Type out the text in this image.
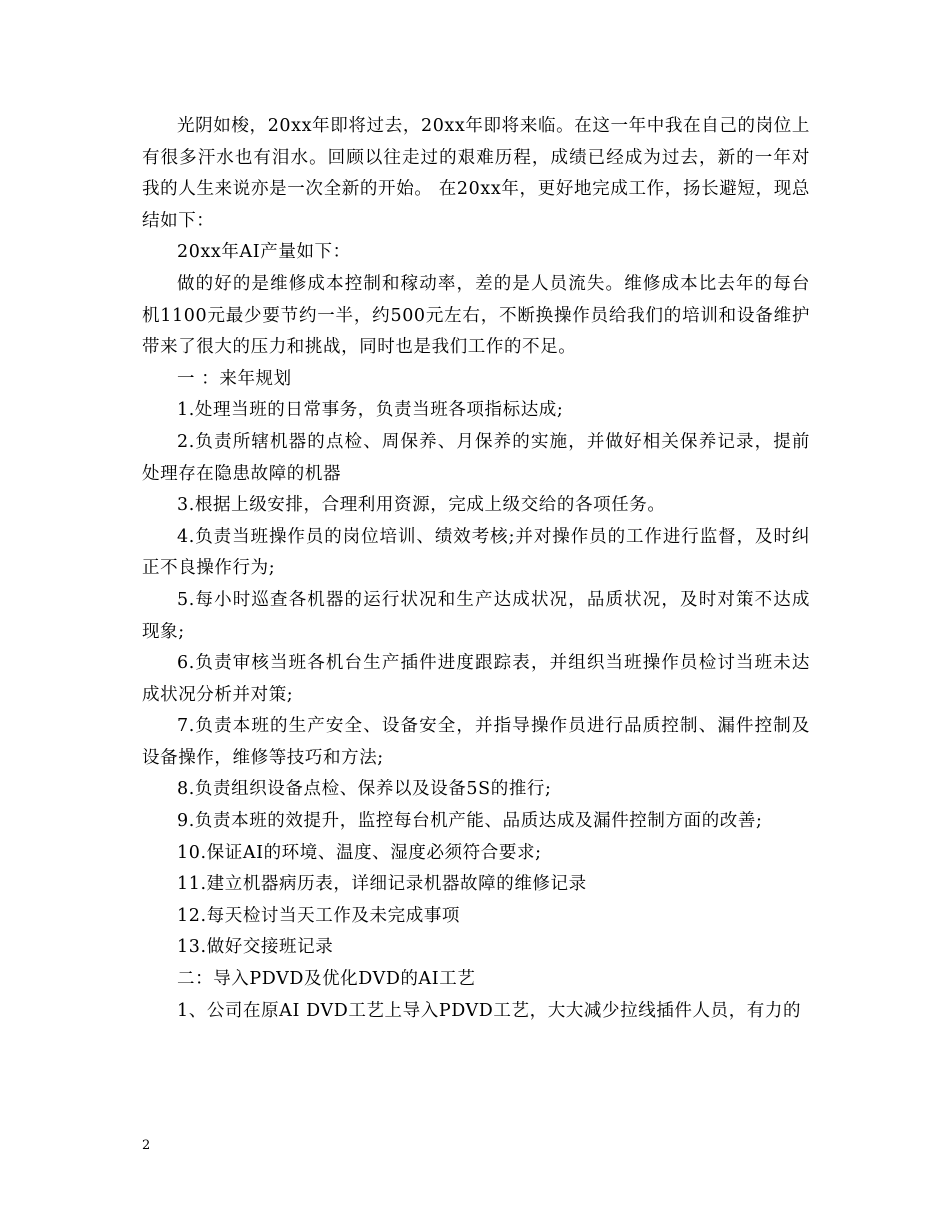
光阴如梭，20xx年即将过去，20xx年即将来临。在这一年中我在自己的岗位上有很多汗水也有泪水。回顾以往走过的艰难历程，成绩已经成为过去，新的一年对我的人生来说亦是一次全新的开始。 在20xx年，更好地完成工作，扬长避短，现总结如下：

20xx年AI产量如下：

做的好的是维修成本控制和稼动率，差的是人员流失。维修成本比去年的每台机1100元最少要节约一半，约500元左右，不断换操作员给我们的培训和设备维护带来了很大的压力和挑战，同时也是我们工作的不足。

一 ：来年规划

1.处理当班的日常事务，负责当班各项指标达成;

2.负责所辖机器的点检、周保养、月保养的实施，并做好相关保养记录，提前处理存在隐患故障的机器

3.根据上级安排，合理利用资源，完成上级交给的各项任务。

4.负责当班操作员的岗位培训、绩效考核;并对操作员的工作进行监督，及时纠正不良操作行为;

5.每小时巡查各机器的运行状况和生产达成状况，品质状况，及时对策不达成现象;

6.负责审核当班各机台生产插件进度跟踪表，并组织当班操作员检讨当班未达成状况分析并对策;

7.负责本班的生产安全、设备安全，并指导操作员进行品质控制、漏件控制及设备操作，维修等技巧和方法;

8.负责组织设备点检、保养以及设备5S的推行;

9.负责本班的效提升，监控每台机产能、品质达成及漏件控制方面的改善;

10.保证AI的环境、温度、湿度必须符合要求;

11.建立机器病历表，详细记录机器故障的维修记录

12.每天检讨当天工作及未完成事项

13.做好交接班记录

二：导入PDVD及优化DVD的AI工艺

1、公司在原AI DVD工艺上导入PDVD工艺，大大减少拉线插件人员，有力的

2
